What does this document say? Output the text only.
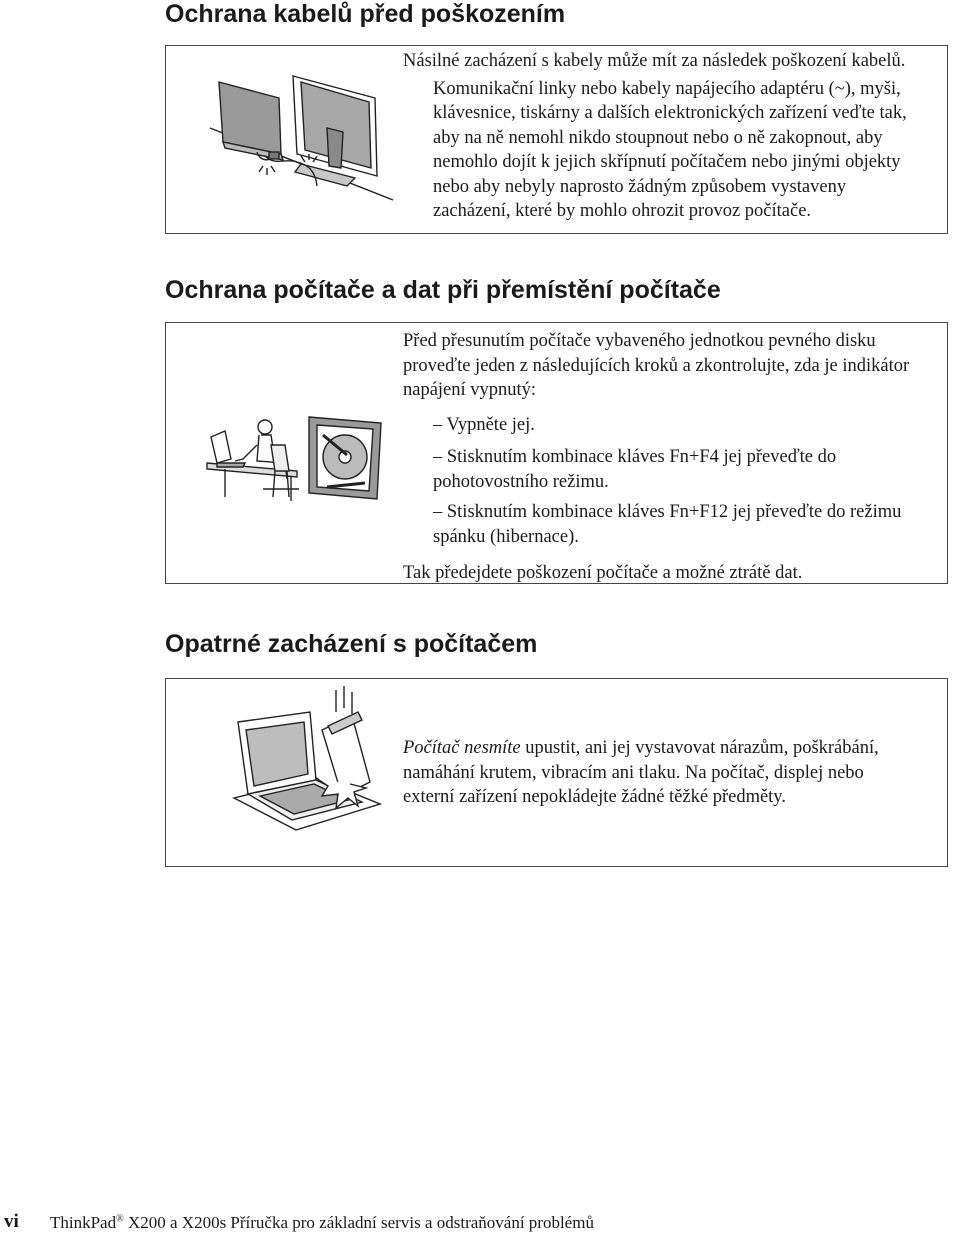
Ochrana kabelů před poškozením

Násilné zacházení s kabely může mít za následek poškození kabelů.

Komunikační linky nebo kabely napájecího adaptéru (~), myši,

klávesnice, tiskárny a dalších elektronických zařízení veďte tak,

aby na ně nemohl nikdo stoupnout nebo o ně zakopnout, aby

nemohlo dojít k jejich skřípnutí počítačem nebo jinými objekty

nebo aby nebyly naprosto žádným způsobem vystaveny

zacházení, které by mohlo ohrozit provoz počítače.

Ochrana počítače a dat při přemístění počítače

Před přesunutím počítače vybaveného jednotkou pevného disku

proveďte jeden z následujících kroků a zkontrolujte, zda je indikátor

napájení vypnutý:

– Vypněte jej.

– Stisknutím kombinace kláves Fn+F4 jej převeďte do

pohotovostního režimu.

– Stisknutím kombinace kláves Fn+F12 jej převeďte do režimu

spánku (hibernace).

Tak předejdete poškození počítače a možné ztrátě dat.

Opatrné zacházení s počítačem

Počítač nesmíte upustit, ani jej vystavovat nárazům, poškrábání,

namáhání krutem, vibracím ani tlaku. Na počítač, displej nebo

externí zařízení nepokládejte žádné těžké předměty.

vi ThinkPad® X200 a X200s Příručka pro základní servis a odstraňování problémů
